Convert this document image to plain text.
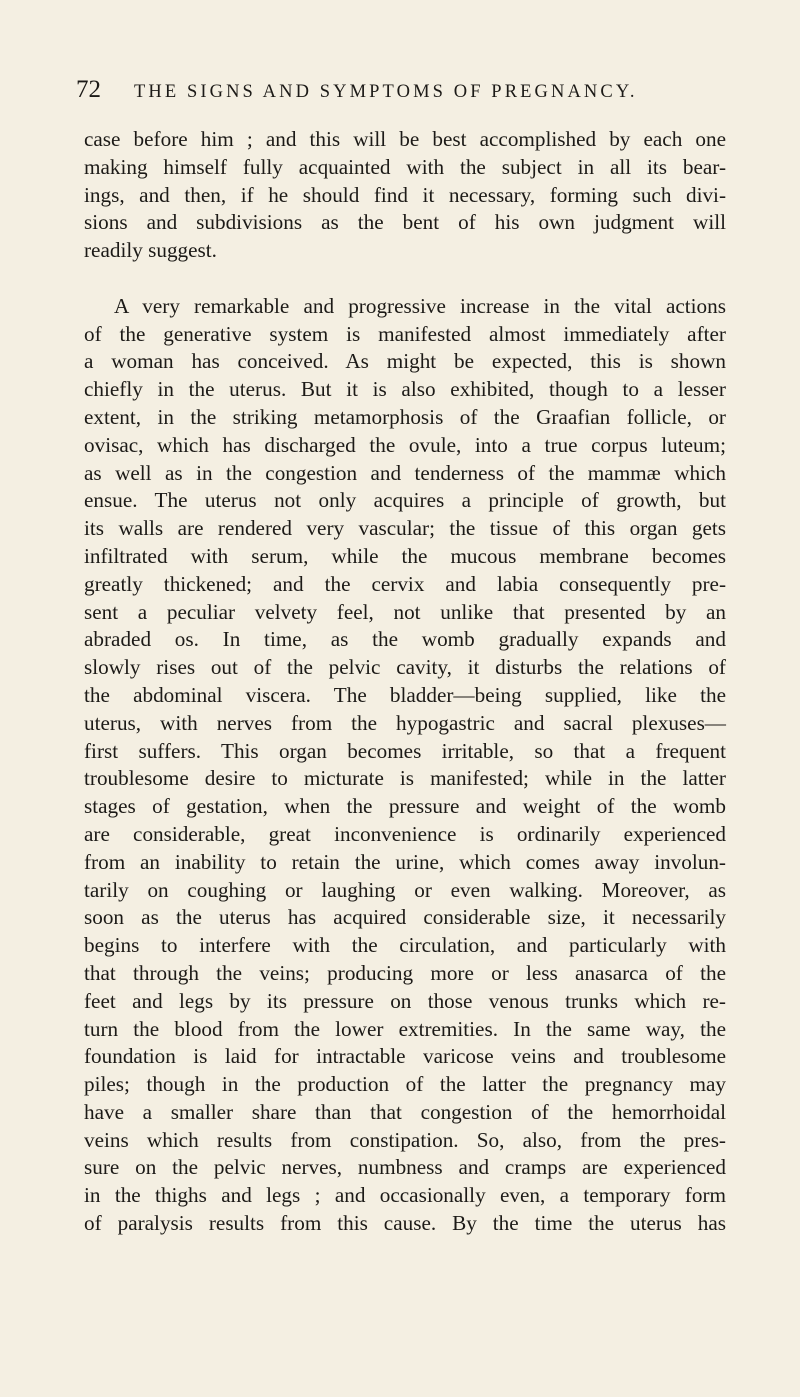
72	THE SIGNS AND SYMPTOMS OF PREGNANCY.
case before him ; and this will be best accomplished by each one
making himself fully acquainted with the subject in all its bear-
ings, and then, if he should find it necessary, forming such divi-
sions and subdivisions as the bent of his own judgment will
readily suggest.
A very remarkable and progressive increase in the vital actions
of the generative system is manifested almost immediately after
a woman has conceived. As might be expected, this is shown
chiefly in the uterus. But it is also exhibited, though to a lesser
extent, in the striking metamorphosis of the Graafian follicle, or
ovisac, which has discharged the ovule, into a true corpus luteum;
as well as in the congestion and tenderness of the mammæ which
ensue. The uterus not only acquires a principle of growth, but
its walls are rendered very vascular; the tissue of this organ gets
infiltrated with serum, while the mucous membrane becomes
greatly thickened; and the cervix and labia consequently pre-
sent a peculiar velvety feel, not unlike that presented by an
abraded os. In time, as the womb gradually expands and
slowly rises out of the pelvic cavity, it disturbs the relations of
the abdominal viscera. The bladder—being supplied, like the
uterus, with nerves from the hypogastric and sacral plexuses—
first suffers. This organ becomes irritable, so that a frequent
troublesome desire to micturate is manifested; while in the latter
stages of gestation, when the pressure and weight of the womb
are considerable, great inconvenience is ordinarily experienced
from an inability to retain the urine, which comes away involun-
tarily on coughing or laughing or even walking. Moreover, as
soon as the uterus has acquired considerable size, it necessarily
begins to interfere with the circulation, and particularly with
that through the veins; producing more or less anasarca of the
feet and legs by its pressure on those venous trunks which re-
turn the blood from the lower extremities. In the same way, the
foundation is laid for intractable varicose veins and troublesome
piles; though in the production of the latter the pregnancy may
have a smaller share than that congestion of the hemorrhoidal
veins which results from constipation. So, also, from the pres-
sure on the pelvic nerves, numbness and cramps are experienced
in the thighs and legs ; and occasionally even, a temporary form
of paralysis results from this cause. By the time the uterus has
